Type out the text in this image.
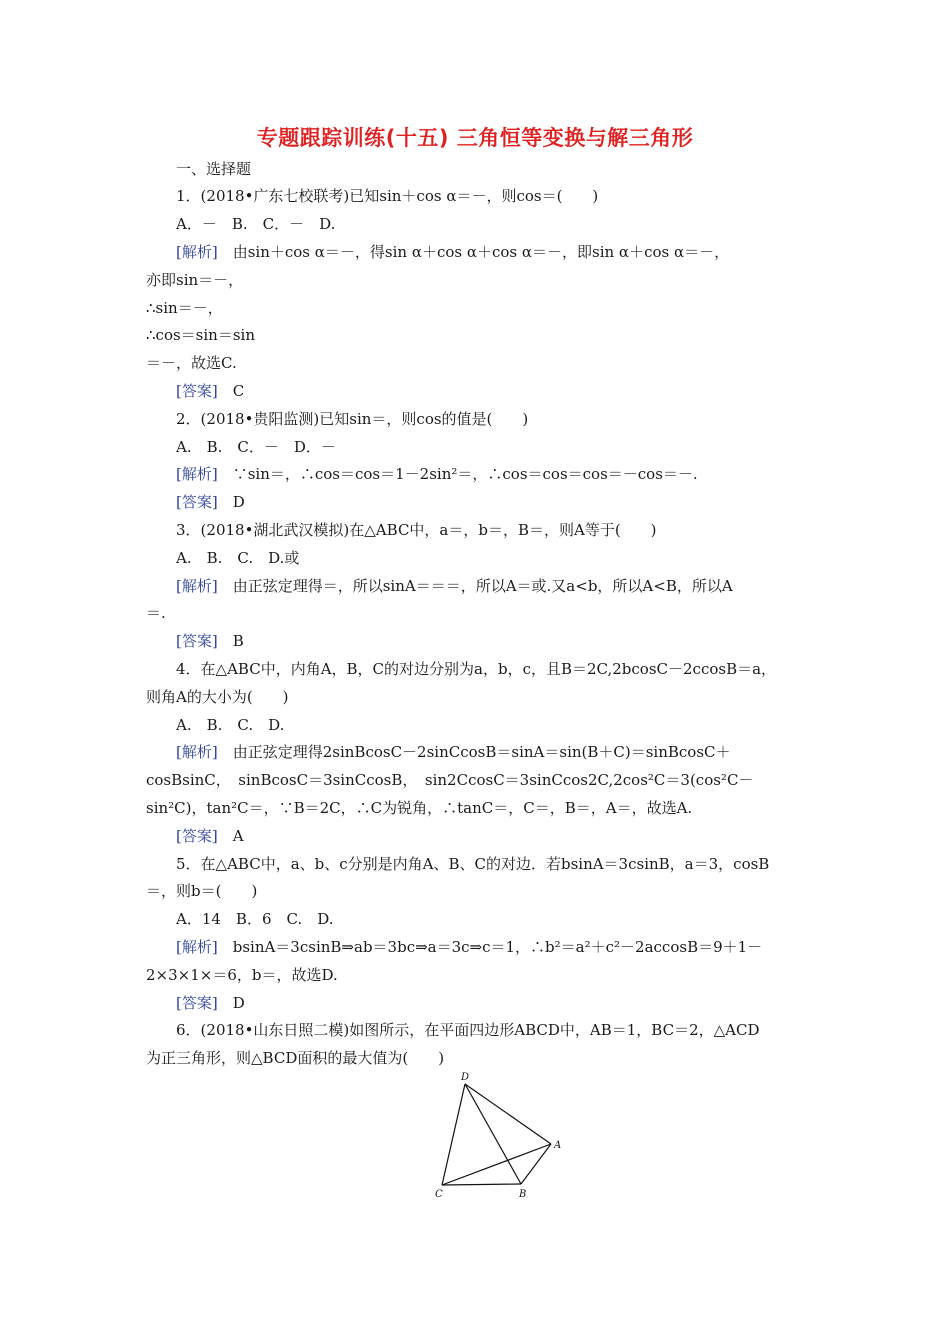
专题跟踪训练(十五) 三角恒等变换与解三角形
一、选择题
1．(2018•广东七校联考)已知sin＋cos α＝－，则cos＝(　　)
A．－　B.　C．－　D.
[解析]　由sin＋cos α＝－，得sin α＋cos α＋cos α＝－，即sin α＋cos α＝－，
亦即sin＝－，
∴sin＝－，
∴cos＝sin＝sin
＝－，故选C.
[答案]　C
2．(2018•贵阳监测)已知sin＝，则cos的值是(　　)
A.　B.　C．－　D．－
[解析]　∵sin＝，∴cos＝cos＝1－2sin²＝，∴cos＝cos＝cos＝－cos＝－.
[答案]　D
3．(2018•湖北武汉模拟)在△ABC中，a＝，b＝，B＝，则A等于(　　)
A.　B.　C.　D.或
[解析]　由正弦定理得＝，所以sinA＝＝＝，所以A＝或.又a<b，所以A<B，所以A
＝.
[答案]　B
4．在△ABC中，内角A，B，C的对边分别为a，b，c，且B＝2C,2bcosC－2ccosB＝a，
则角A的大小为(　　)
A.　B.　C.　D.
[解析]　由正弦定理得2sinBcosC－2sinCcosB＝sinA＝sin(B＋C)＝sinBcosC＋
cosBsinC，　sinBcosC＝3sinCcosB，　sin2CcosC＝3sinCcos2C,2cos²C＝3(cos²C－
sin²C)，tan²C＝，∵B＝2C，∴C为锐角，∴tanC＝，C＝，B＝，A＝，故选A.
[答案]　A
5．在△ABC中，a、b、c分别是内角A、B、C的对边．若bsinA＝3csinB，a＝3，cosB
＝，则b＝(　　)
A．14　B．6　C.　D.
[解析]　bsinA＝3csinB⇒ab＝3bc⇒a＝3c⇒c＝1，∴b²＝a²＋c²－2accosB＝9＋1－
2×3×1×＝6，b＝，故选D.
[答案]　D
6．(2018•山东日照二模)如图所示，在平面四边形ABCD中，AB＝1，BC＝2，△ACD
为正三角形，则△BCD面积的最大值为(　　)
D
A
C	B
